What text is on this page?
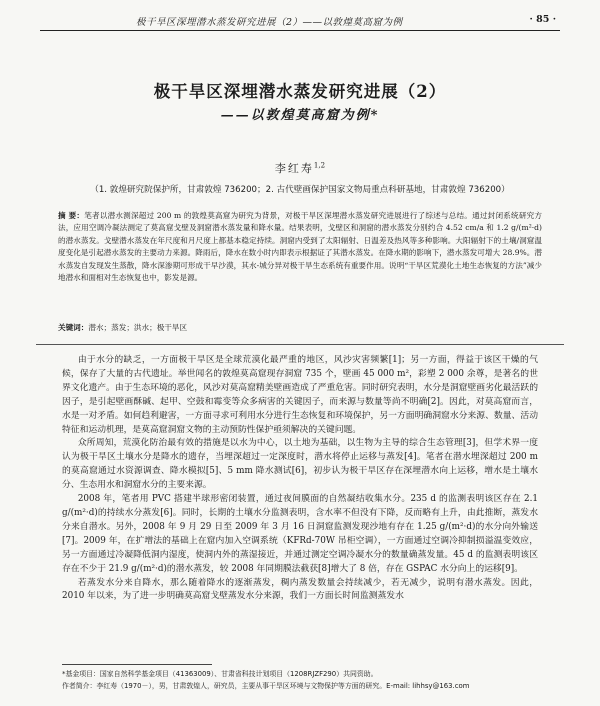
极干旱区深埋潜水蒸发研究进展（2）——以敦煌莫高窟为例	· 85 ·
极干旱区深埋潜水蒸发研究进展（2）
——以敦煌莫高窟为例*
李红寿$^{1,2}$
（1. 敦煌研究院保护所，甘肃敦煌 736200；2. 古代壁画保护国家文物局重点科研基地，甘肃敦煌 736200）
摘 要：笔者以潜水测深超过 200 m 的敦煌莫高窟为研究为背景，对极干旱区深埋潜水蒸发研究进展进行了综述与总结。通过封闭系统研究方法，应用空调冷凝法测定了莫高窟戈壁及洞窟潜水蒸发量和降水量。结果表明，戈壁区和洞窟的潜水蒸发分别约合 4.52 cm/a 和 1.2 g/(m²·d)的潜水蒸发。戈壁潜水蒸发在年尺度和月尺度上都基本稳定持续。洞窟内受到了太阳辐射、日温差及热风等多种影响。大阳辐射下的土壤/洞窟温度变化是引起潜水蒸发的主要动力来源。降雨后，降水在数小时内即表示根据证了其潜水蒸发。在降水期的影响下，潜水蒸发可增大 28.9%。潜水蒸发自发现发生蒸散，降水深渗期可形成干早沙漠，其水-城分异对极干旱生态系统有重要作用。说明“干旱区荒漠化土地生态恢复的方法”减少地潜水和面相对生态恢复也中，影发是源。
关键词：潜水；蒸发；洪水；极干旱区

由于水分的缺乏，一方面极干旱区是全球荒漠化最严重的地区，风沙灾害频繁[1]；另一方面，得益于该区干燥的气候，保存了大量的古代遗址。举世闻名的敦煌莫高窟现存洞窟 735 个，壁画 45 000 m²，彩塑 2 000 余尊，是著名的世界文化遗产。由于生态环境的恶化，风沙对莫高窟精美壁画造成了严重危害。同时研究表明，水分是洞窟壁画劣化最活跃的因子，是引起壁画酥碱、起甲、空鼓和霉变等众多病害的关键因子，而来源与数量等尚不明确[2]。因此，对莫高窟而言，水是一对矛盾。如何趋利避害，一方面寻求可利用水分进行生态恢复和环境保护，另一方面明确洞窟水分来源、数量、活动特征和运动机理，是莫高窟洞窟文物的主动预防性保护亟须解决的关键问题。

众所周知，荒漠化防治最有效的措施是以水为中心，以土地为基础，以生物为主导的综合生态管理[3]，但学术界一度认为极干旱区土壤水分是降水的遗存，当埋深超过一定深度时，潜水将停止运移与蒸发[4]。笔者在潜水埋深超过 200 m 的莫高窟通过水资源调查、降水模拟[5]、5 mm 降水测试[6]，初步认为极干旱区存在深埋潜水向上运移，增水是土壤水分、生态用水和洞窟水分的主要来源。

2008 年，笔者用 PVC 搭建半球形密闭装置，通过夜间膜面的自然凝结收集水分。235 d 的监测表明该区存在 2.1 g/(m²·d)的持续水分蒸发[6]。同时，长期的土壤水分监测表明，含水率不但没有下降，反而略有上升，由此推断，蒸发水分来自潜水。另外，2008 年 9 月 29 日至 2009 年 3 月 16 日洞窟监测发现沙地有存在 1.25 g/(m²·d)的水分向外输送[7]。2009 年，在扩增法的基础上在窟内加入空调系统（KFRd-70W 吊柜空调），一方面通过空调冷抑制损溢温变效应，另一方面通过冷凝降低洞内湿度，使洞内外的蒸湿接近，并通过测定空调冷凝水分的数量确蒸发量。45 d 的监测表明该区存在不少于 21.9 g/(m²·d)的潜水蒸发，较 2008 年同期膜法截获[8]增大了 8 倍，存在 GSPAC 水分向上的运移[9]。

若蒸发水分来自降水，那么随着降水的逐渐蒸发，稠内蒸发数量会持续减少，若无减少，说明有潜水蒸发。因此，2010 年以来，为了进一步明确莫高窟戈壁蒸发水分来源，我们一方面长时间监测蒸发水

*基金项目：国家自然科学基金项目（41363009）、甘肃省科技计划项目（1208RJZF290）共同资助。
作者简介：李红寿（1970－），男，甘肃敦煌人，研究员，主要从事干旱区环境与文物保护等方面的研究。E-mail: lihhsy@163.com
